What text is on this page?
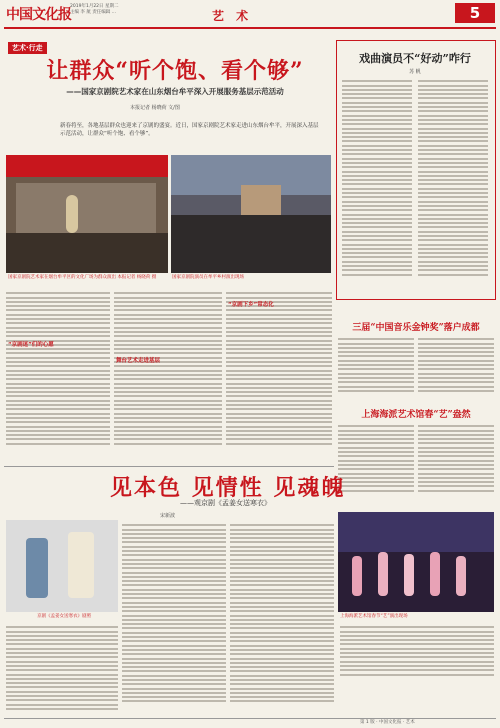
中国文化报
2019年1月22日 星期二
主编 李 航 责任编辑 ...	艺 术	5
艺术·行走
让群众“听个饱、看个够”
——国家京剧院艺术家在山东烟台牟平深入开展服务基层示范活动
本报记者 杨晓荷 文/图
新春将至，各地基层群众也迎来了京剧的盛宴。近日，国家京剧院艺术家走进山东烟台牟平，开展深入基层示范活动，让群众“听个饱、看个够”。
国家京剧院艺术家在烟台牟平区的文化广场为群众演出 本报记者 杨晓荷 摄	国家京剧院演员在牟平乡村演出现场
“京剧迷”们的心愿
舞台艺术走进基层
“京剧下乡”常态化
戏曲演员不“好动”咋行
苏 帆
三届“中国音乐金钟奖”落户成都
上海海派艺术馆春“艺”盎然
见本色 见情性 见魂魄
——观京剧《孟姜女送寒衣》
宋新波
京剧《孟姜女送寒衣》剧照	上海海派艺术馆春节“艺”演出现场
第 1 版 · 中国文化报 · 艺术
